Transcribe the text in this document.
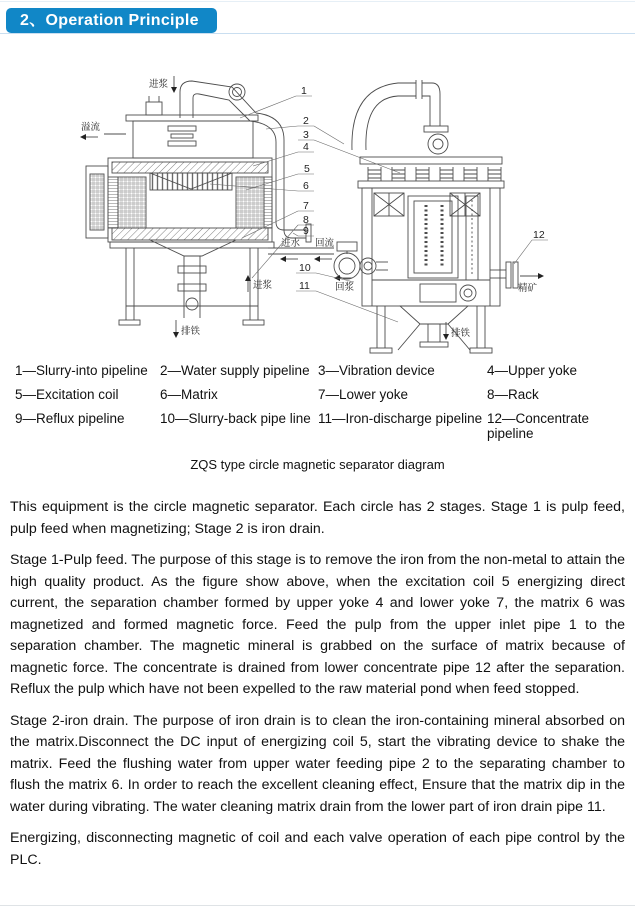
2、Operation Principle
进浆
溢流
排铁
进浆
进水 回流
回浆
排铁
精矿
1
2
3
4
5
6
7
8
9
10
11
12
1—Slurry-into pipeline 2—Water supply pipeline 3—Vibration device	4—Upper yoke
5—Excitation coil	6—Matrix	7—Lower yoke	8—Rack
9—Reflux pipeline	10—Slurry-back pipe line 11—Iron-discharge pipeline 12—Concentrate pipeline
ZQS type circle magnetic separator diagram

This equipment is the circle magnetic separator. Each circle has 2 stages. Stage 1 is pulp feed, pulp feed when magnetizing; Stage 2 is iron drain.

Stage 1-Pulp feed. The purpose of this stage is to remove the iron from the non-metal to attain the high quality product. As the figure show above, when the excitation coil 5 energizing direct current, the separation chamber formed by upper yoke 4 and lower yoke 7, the matrix 6 was magnetized and formed magnetic force. Feed the pulp from the upper inlet pipe 1 to the separation chamber. The magnetic mineral is grabbed on the surface of matrix because of magnetic force. The concentrate is drained from lower concentrate pipe 12 after the separation. Reflux the pulp which have not been expelled to the raw material pond when feed stopped.

Stage 2-iron drain. The purpose of iron drain is to clean the iron-containing mineral absorbed on the matrix.Disconnect the DC input of energizing coil 5, start the vibrating device to shake the matrix. Feed the flushing water from upper water feeding pipe 2 to the separating chamber to flush the matrix 6. In order to reach the excellent cleaning effect, Ensure that the matrix dip in the water during vibrating. The water cleaning matrix drain from the lower part of iron drain pipe 11.

Energizing, disconnecting magnetic of coil and each valve operation of each pipe control by the PLC.
